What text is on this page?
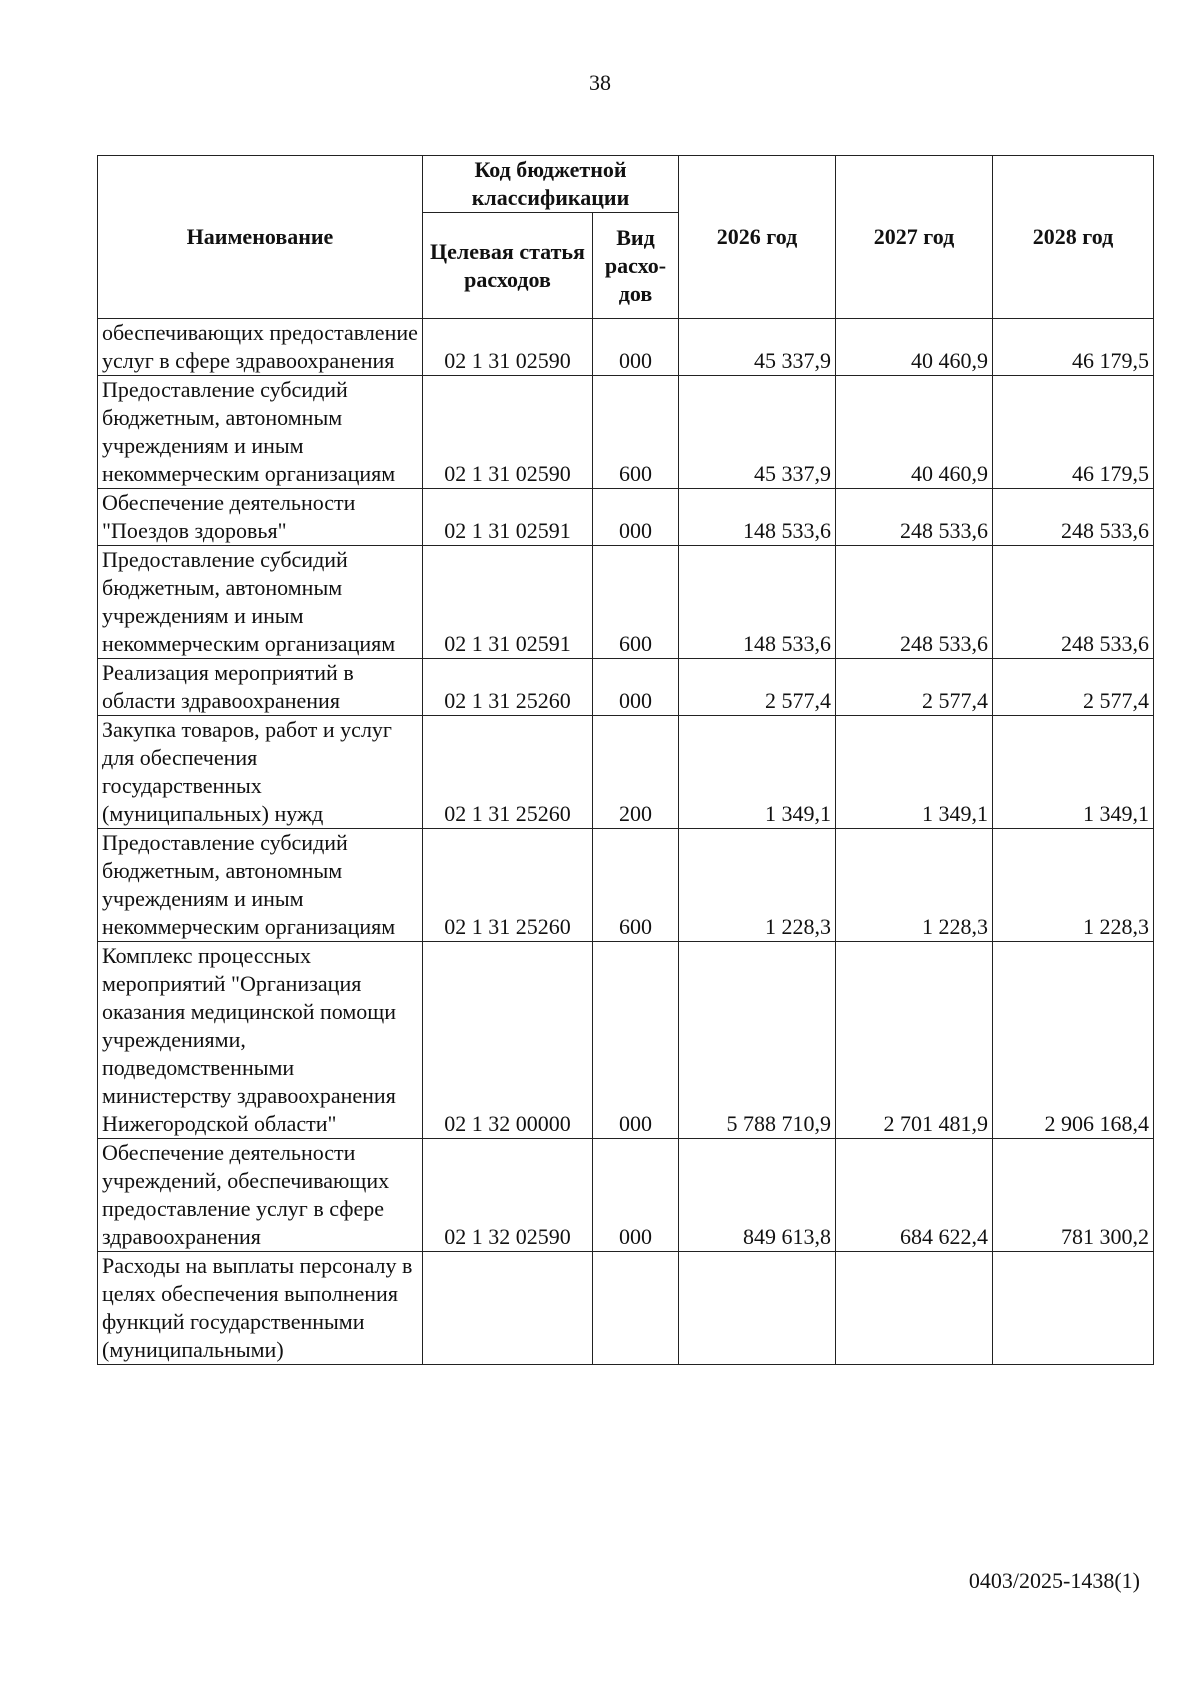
38
Наименование	Код бюджетной классификации		2026 год	2027 год	2028 год
	Целевая статья расходов	Вид расхо-дов			
обеспечивающих предоставление услуг в сфере здравоохранения	02 1 31 02590	000	45 337,9	40 460,9	46 179,5
Предоставление субсидий бюджетным, автономным учреждениям и иным некоммерческим организациям	02 1 31 02590	600	45 337,9	40 460,9	46 179,5
Обеспечение деятельности "Поездов здоровья"	02 1 31 02591	000	148 533,6	248 533,6	248 533,6
Предоставление субсидий бюджетным, автономным учреждениям и иным некоммерческим организациям	02 1 31 02591	600	148 533,6	248 533,6	248 533,6
Реализация мероприятий в области здравоохранения	02 1 31 25260	000	2 577,4	2 577,4	2 577,4
Закупка товаров, работ и услуг для обеспечения государственных (муниципальных) нужд	02 1 31 25260	200	1 349,1	1 349,1	1 349,1
Предоставление субсидий бюджетным, автономным учреждениям и иным некоммерческим организациям	02 1 31 25260	600	1 228,3	1 228,3	1 228,3
Комплекс процессных мероприятий "Организация оказания медицинской помощи учреждениями, подведомственными министерству здравоохранения Нижегородской области"	02 1 32 00000	000	5 788 710,9	2 701 481,9	2 906 168,4
Обеспечение деятельности учреждений, обеспечивающих предоставление услуг в сфере здравоохранения	02 1 32 02590	000	849 613,8	684 622,4	781 300,2
Расходы на выплаты персоналу в целях обеспечения выполнения функций государственными (муниципальными)					
0403/2025-1438(1)
